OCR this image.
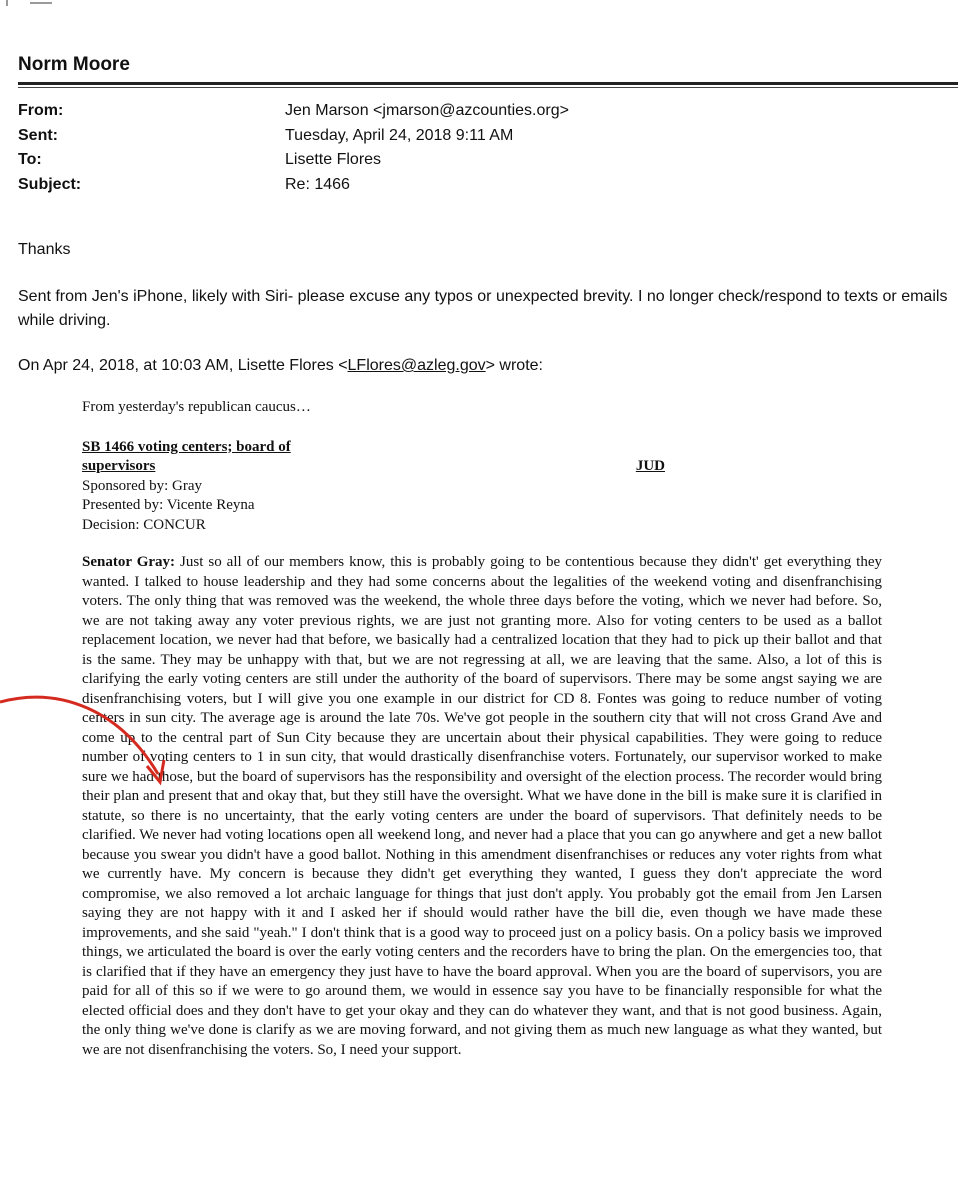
Norm Moore
From:	Jen Marson <jmarson@azcounties.org>
Sent:	Tuesday, April 24, 2018 9:11 AM
To:	Lisette Flores
Subject:	Re: 1466
Thanks
Sent from Jen's iPhone, likely with Siri- please excuse any typos or unexpected brevity. I no longer check/respond to texts or emails while driving.
On Apr 24, 2018, at 10:03 AM, Lisette Flores <LFlores@azleg.gov> wrote:

From yesterday's republican caucus…

SB 1466 voting centers; board of

supervisors	JUD
Sponsored by: Gray
Presented by: Vicente Reyna
Decision: CONCUR

Senator Gray: Just so all of our members know, this is probably going to be contentious because they didn't' get everything they wanted. I talked to house leadership and they had some concerns about the legalities of the weekend voting and disenfranchising voters. The only thing that was removed was the weekend, the whole three days before the voting, which we never had before. So, we are not taking away any voter previous rights, we are just not granting more. Also for voting centers to be used as a ballot replacement location, we never had that before, we basically had a centralized location that they had to pick up their ballot and that is the same. They may be unhappy with that, but we are not regressing at all, we are leaving that the same. Also, a lot of this is clarifying the early voting centers are still under the authority of the board of supervisors. There may be some angst saying we are disenfranchising voters, but I will give you one example in our district for CD 8. Fontes was going to reduce number of voting centers in sun city. The average age is around the late 70s. We've got people in the southern city that will not cross Grand Ave and come up to the central part of Sun City because they are uncertain about their physical capabilities. They were going to reduce number of voting centers to 1 in sun city, that would drastically disenfranchise voters. Fortunately, our supervisor worked to make sure we had those, but the board of supervisors has the responsibility and oversight of the election process. The recorder would bring their plan and present that and okay that, but they still have the oversight. What we have done in the bill is make sure it is clarified in statute, so there is no uncertainty, that the early voting centers are under the board of supervisors. That definitely needs to be clarified. We never had voting locations open all weekend long, and never had a place that you can go anywhere and get a new ballot because you swear you didn't have a good ballot. Nothing in this amendment disenfranchises or reduces any voter rights from what we currently have. My concern is because they didn't get everything they wanted, I guess they don't appreciate the word compromise, we also removed a lot archaic language for things that just don't apply. You probably got the email from Jen Larsen saying they are not happy with it and I asked her if should would rather have the bill die, even though we have made these improvements, and she said "yeah." I don't think that is a good way to proceed just on a policy basis. On a policy basis we improved things, we articulated the board is over the early voting centers and the recorders have to bring the plan. On the emergencies too, that is clarified that if they have an emergency they just have to have the board approval. When you are the board of supervisors, you are paid for all of this so if we were to go around them, we would in essence say you have to be financially responsible for what the elected official does and they don't have to get your okay and they can do whatever they want, and that is not good business. Again, the only thing we've done is clarify as we are moving forward, and not giving them as much new language as what they wanted, but we are not disenfranchising the voters. So, I need your support.
